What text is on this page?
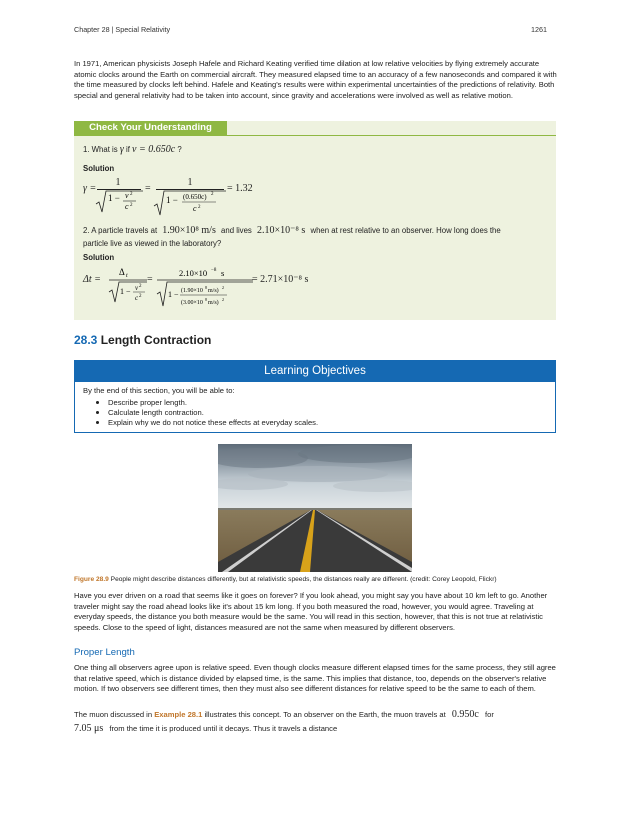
Chapter 28 | Special Relativity	1261
In 1971, American physicists Joseph Hafele and Richard Keating verified time dilation at low relative velocities by flying extremely accurate atomic clocks around the Earth on commercial aircraft. They measured elapsed time to an accuracy of a few nanoseconds and compared it with the time measured by clocks left behind. Hafele and Keating's results were within experimental uncertainties of the predictions of relativity. Both special and general relativity had to be taken into account, since gravity and accelerations were involved as well as relative motion.
Check Your Understanding
1. What is γ if v = 0.650c ?
Solution
γ =
1
1 − v 2
c 2
=
1
1 − (0.650c) 2
c 2
= 1.32
2. A particle travels at 1.90×10⁸ m/s and lives 2.10×10⁻⁸ s when at rest relative to an observer. How long does the
particle live as viewed in the laboratory?
Solution
Δt =
Δ t
1 − v 2
c 2
=
2.10×10 −8 s
1 − (1.90×10
8
m/s)
2
(3.00×10
8
m/s)
2
= 2.71×10⁻⁸ s
28.3 Length Contraction
Learning Objectives
By the end of this section, you will be able to:
Describe proper length.
Calculate length contraction.
Explain why we do not notice these effects at everyday scales.
Figure 28.9 People might describe distances differently, but at relativistic speeds, the distances really are different. (credit: Corey Leopold, Flickr)
Have you ever driven on a road that seems like it goes on forever? If you look ahead, you might say you have about 10 km left to go. Another traveler might say the road ahead looks like it's about 15 km long. If you both measured the road, however, you would agree. Traveling at everyday speeds, the distance you both measure would be the same. You will read in this section, however, that this is not true at relativistic speeds. Close to the speed of light, distances measured are not the same when measured by different observers.
Proper Length
One thing all observers agree upon is relative speed. Even though clocks measure different elapsed times for the same process, they still agree that relative speed, which is distance divided by elapsed time, is the same. This implies that distance, too, depends on the observer's relative motion. If two observers see different times, then they must also see different distances for relative speed to be the same to each of them.
The muon discussed in Example 28.1 illustrates this concept. To an observer on the Earth, the muon travels at 0.950c for
7.05 μs from the time it is produced until it decays. Thus it travels a distance
